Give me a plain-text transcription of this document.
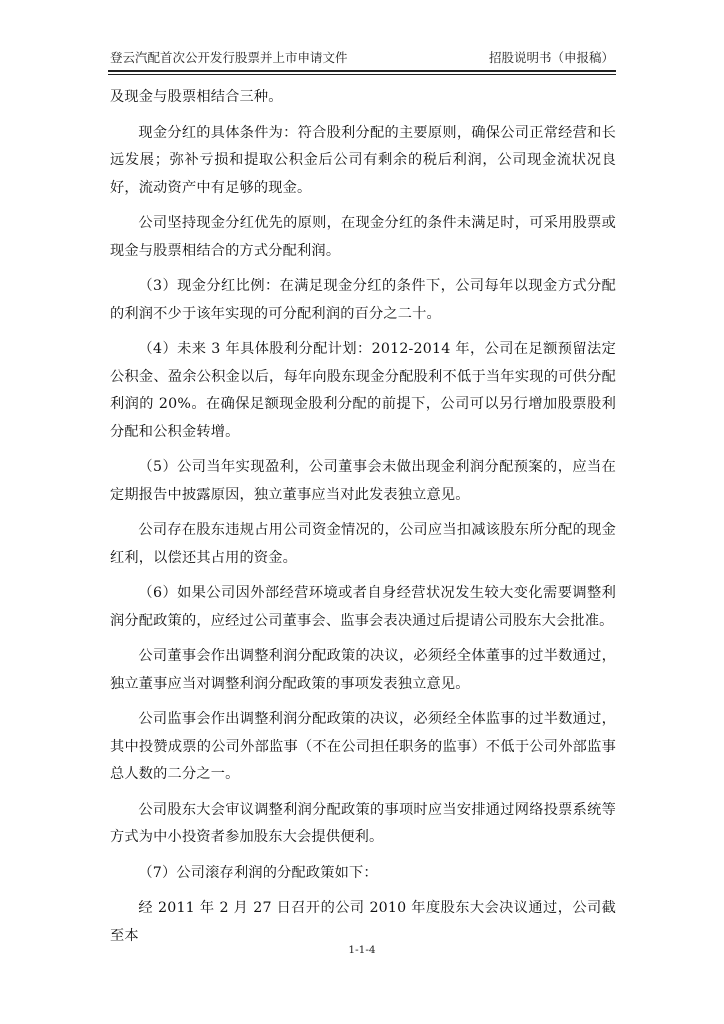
登云汽配首次公开发行股票并上市申请文件	招股说明书（申报稿）

及现金与股票相结合三种。

现金分红的具体条件为：符合股利分配的主要原则，确保公司正常经营和长远发展；弥补亏损和提取公积金后公司有剩余的税后利润，公司现金流状况良好，流动资产中有足够的现金。

公司坚持现金分红优先的原则，在现金分红的条件未满足时，可采用股票或现金与股票相结合的方式分配利润。

（3）现金分红比例：在满足现金分红的条件下，公司每年以现金方式分配的利润不少于该年实现的可分配利润的百分之二十。

（4）未来 3 年具体股利分配计划：2012-2014 年，公司在足额预留法定公积金、盈余公积金以后，每年向股东现金分配股利不低于当年实现的可供分配利润的 20%。在确保足额现金股利分配的前提下，公司可以另行增加股票股利分配和公积金转增。

（5）公司当年实现盈利，公司董事会未做出现金利润分配预案的，应当在定期报告中披露原因，独立董事应当对此发表独立意见。

公司存在股东违规占用公司资金情况的，公司应当扣减该股东所分配的现金红利，以偿还其占用的资金。

（6）如果公司因外部经营环境或者自身经营状况发生较大变化需要调整利润分配政策的，应经过公司董事会、监事会表决通过后提请公司股东大会批准。

公司董事会作出调整利润分配政策的决议，必须经全体董事的过半数通过，独立董事应当对调整利润分配政策的事项发表独立意见。

公司监事会作出调整利润分配政策的决议，必须经全体监事的过半数通过，其中投赞成票的公司外部监事（不在公司担任职务的监事）不低于公司外部监事总人数的二分之一。

公司股东大会审议调整利润分配政策的事项时应当安排通过网络投票系统等方式为中小投资者参加股东大会提供便利。

（7）公司滚存利润的分配政策如下：

经 2011 年 2 月 27 日召开的公司 2010 年度股东大会决议通过，公司截至本

1-1-4
